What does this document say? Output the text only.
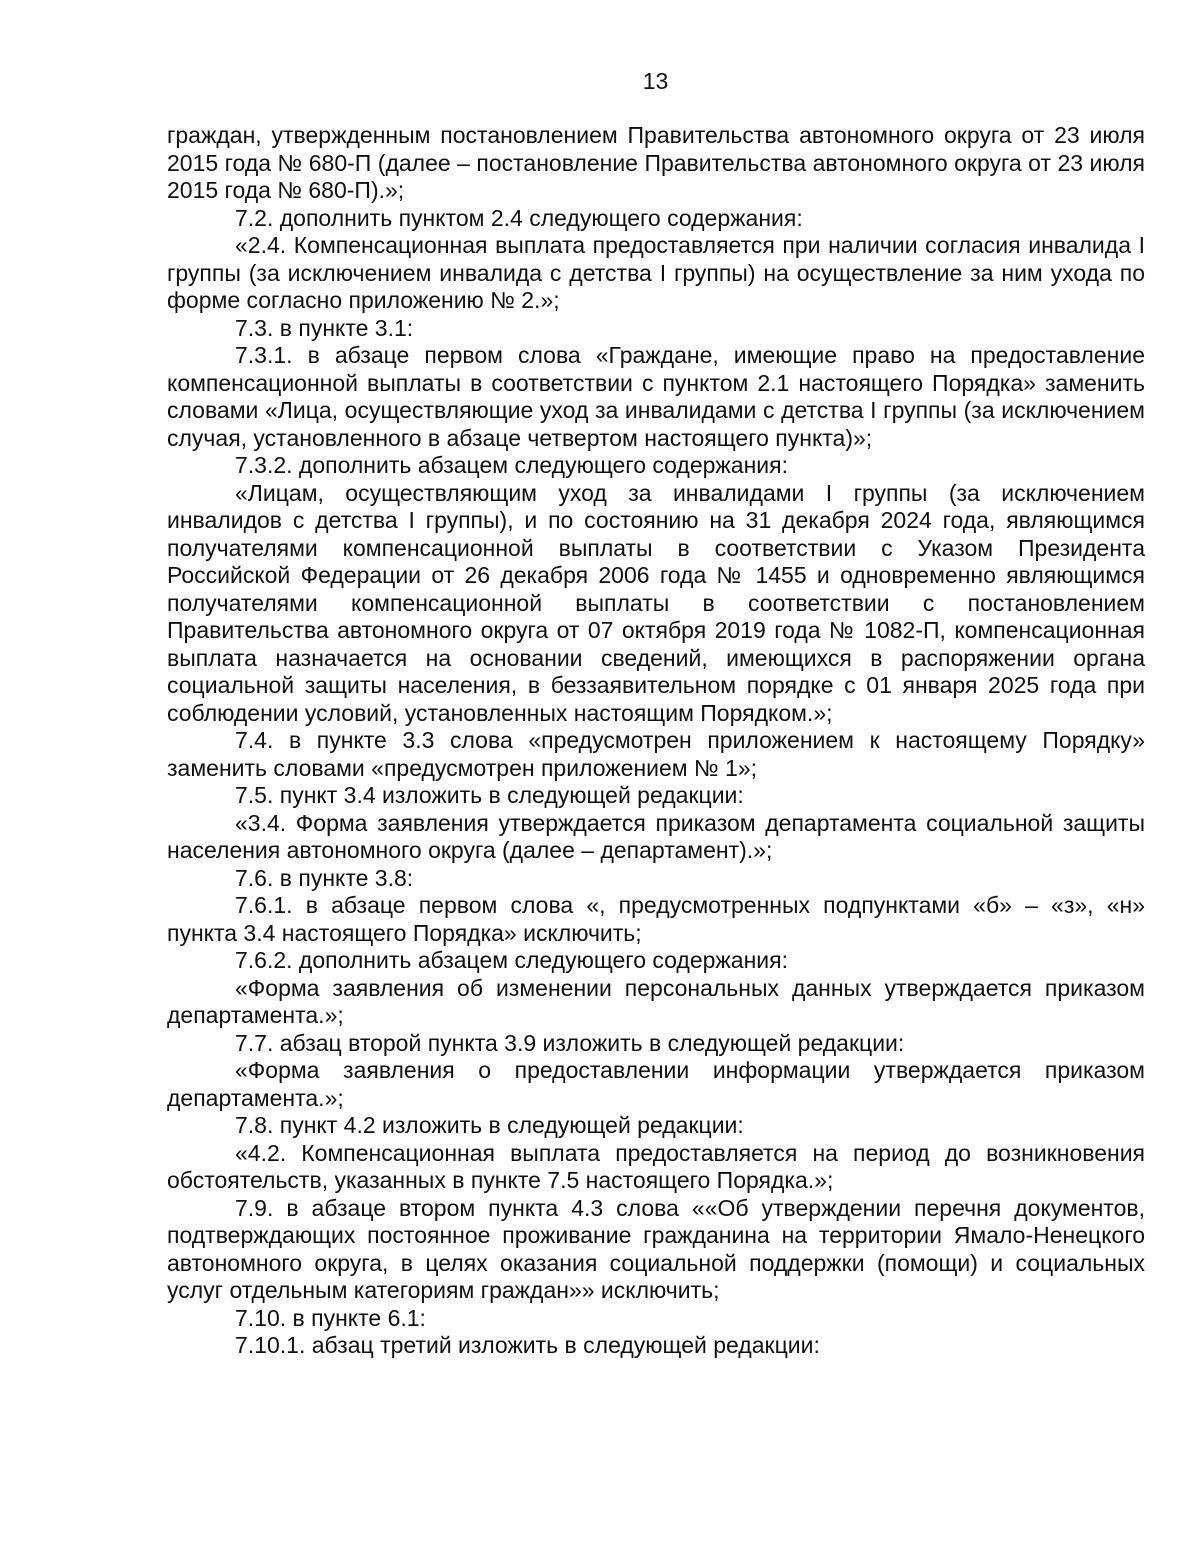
13

граждан, утвержденным постановлением Правительства автономного округа от 23 июля 2015 года № 680-П (далее – постановление Правительства автономного округа от 23 июля 2015 года № 680-П).»;

7.2. дополнить пунктом 2.4 следующего содержания:

«2.4. Компенсационная выплата предоставляется при наличии согласия инвалида I группы (за исключением инвалида с детства I группы) на осуществление за ним ухода по форме согласно приложению № 2.»;

7.3. в пункте 3.1:

7.3.1. в абзаце первом слова «Граждане, имеющие право на предоставление компенсационной выплаты в соответствии с пунктом 2.1 настоящего Порядка» заменить словами «Лица, осуществляющие уход за инвалидами с детства I группы (за исключением случая, установленного в абзаце четвертом настоящего пункта)»;

7.3.2. дополнить абзацем следующего содержания:

«Лицам, осуществляющим уход за инвалидами I группы (за исключением инвалидов с детства I группы), и по состоянию на 31 декабря 2024 года, являющимся получателями компенсационной выплаты в соответствии с Указом Президента Российской Федерации от 26 декабря 2006 года № 1455 и одновременно являющимся получателями компенсационной выплаты в соответствии с постановлением Правительства автономного округа от 07 октября 2019 года № 1082-П, компенсационная выплата назначается на основании сведений, имеющихся в распоряжении органа социальной защиты населения, в беззаявительном порядке с 01 января 2025 года при соблюдении условий, установленных настоящим Порядком.»;

7.4. в пункте 3.3 слова «предусмотрен приложением к настоящему Порядку» заменить словами «предусмотрен приложением № 1»;

7.5. пункт 3.4 изложить в следующей редакции:

«3.4. Форма заявления утверждается приказом департамента социальной защиты населения автономного округа (далее – департамент).»;

7.6. в пункте 3.8:

7.6.1. в абзаце первом слова «, предусмотренных подпунктами «б» – «з», «н» пункта 3.4 настоящего Порядка» исключить;

7.6.2. дополнить абзацем следующего содержания:

«Форма заявления об изменении персональных данных утверждается приказом департамента.»;

7.7. абзац второй пункта 3.9 изложить в следующей редакции:

«Форма заявления о предоставлении информации утверждается приказом департамента.»;

7.8. пункт 4.2 изложить в следующей редакции:

«4.2. Компенсационная выплата предоставляется на период до возникновения обстоятельств, указанных в пункте 7.5 настоящего Порядка.»;

7.9. в абзаце втором пункта 4.3 слова ««Об утверждении перечня документов, подтверждающих постоянное проживание гражданина на территории Ямало-Ненецкого автономного округа, в целях оказания социальной поддержки (помощи) и социальных услуг отдельным категориям граждан»» исключить;

7.10. в пункте 6.1:

7.10.1. абзац третий изложить в следующей редакции:
